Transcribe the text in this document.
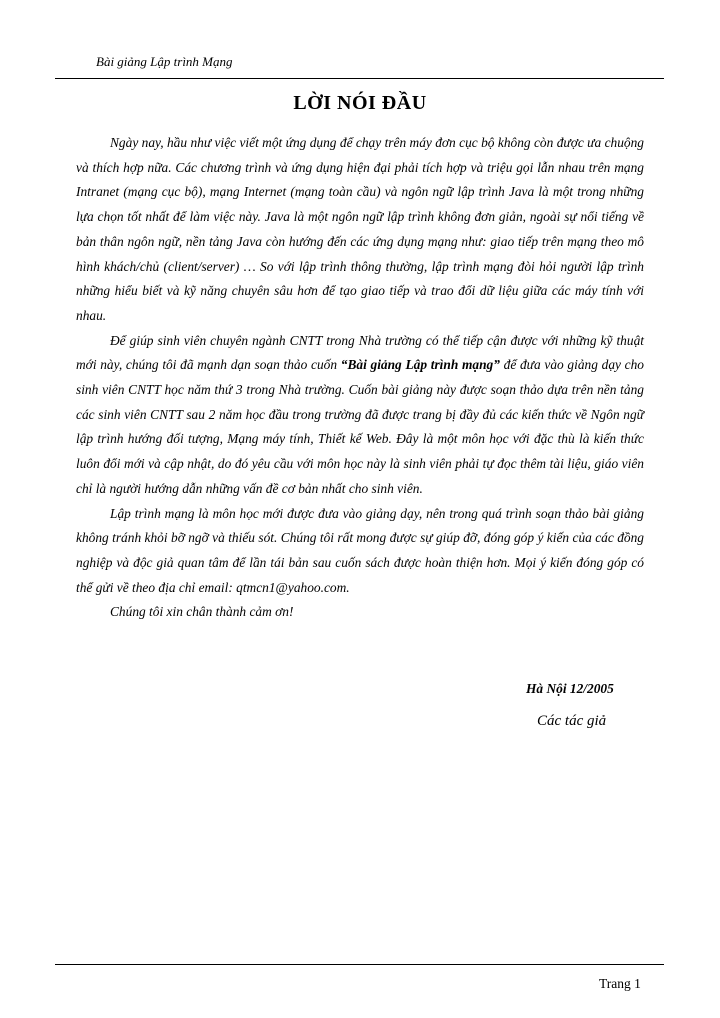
Bài giảng Lập trình Mạng
LỜI NÓI ĐẦU

Ngày nay, hầu như việc viết một ứng dụng để chạy trên máy đơn cục bộ không còn được ưa chuộng và thích hợp nữa. Các chương trình và ứng dụng hiện đại phải tích hợp và triệu gọi lẫn nhau trên mạng Intranet (mạng cục bộ), mạng Internet (mạng toàn cầu) và ngôn ngữ lập trình Java là một trong những lựa chọn tốt nhất để làm việc này. Java là một ngôn ngữ lập trình không đơn giản, ngoài sự nổi tiếng về bản thân ngôn ngữ, nền tảng Java còn hướng đến các ứng dụng mạng như: giao tiếp trên mạng theo mô hình khách/chủ (client/server) … So với lập trình thông thường, lập trình mạng đòi hỏi người lập trình những hiểu biết và kỹ năng chuyên sâu hơn để tạo giao tiếp và trao đổi dữ liệu giữa các máy tính với nhau.

Để giúp sinh viên chuyên ngành CNTT trong Nhà trường có thể tiếp cận được với những kỹ thuật mới này, chúng tôi đã mạnh dạn soạn thảo cuốn “Bài giảng Lập trình mạng” để đưa vào giảng dạy cho sinh viên CNTT học năm thứ 3 trong Nhà trường. Cuốn bài giảng này được soạn thảo dựa trên nền tảng các sinh viên CNTT sau 2 năm học đầu trong trường đã được trang bị đầy đủ các kiến thức về Ngôn ngữ lập trình hướng đối tượng, Mạng máy tính, Thiết kế Web. Đây là một môn học với đặc thù là kiến thức luôn đổi mới và cập nhật, do đó yêu cầu với môn học này là sinh viên phải tự đọc thêm tài liệu, giáo viên chỉ là người hướng dẫn những vấn đề cơ bản nhất cho sinh viên.

Lập trình mạng là môn học mới được đưa vào giảng dạy, nên trong quá trình soạn thảo bài giảng không tránh khỏi bỡ ngỡ và thiếu sót. Chúng tôi rất mong được sự giúp đỡ, đóng góp ý kiến của các đồng nghiệp và độc giả quan tâm để lần tái bản sau cuốn sách được hoàn thiện hơn. Mọi ý kiến đóng góp có thể gửi về theo địa chỉ email: qtmcn1@yahoo.com.

Chúng tôi xin chân thành cảm ơn!

Hà Nội 12/2005
Các tác giả
Trang 1
